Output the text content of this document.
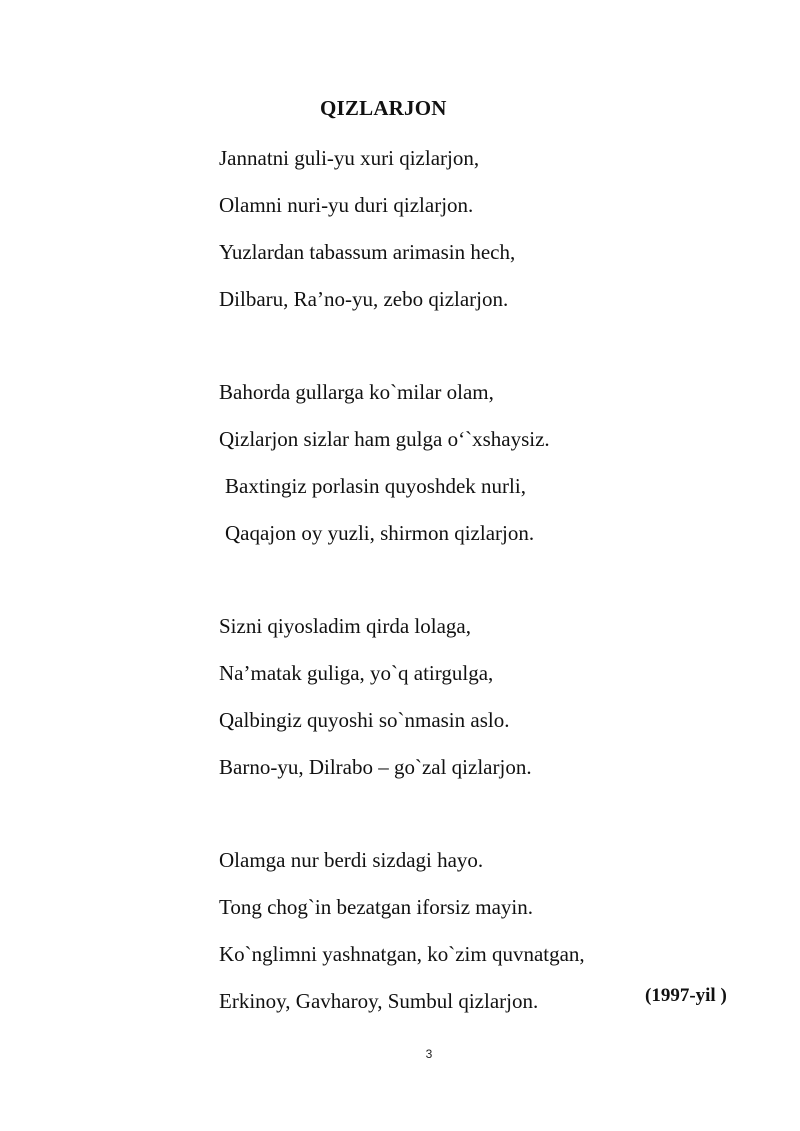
QIZLARJON
Jannatni guli-yu xuri qizlarjon,
Olamni nuri-yu duri qizlarjon.
Yuzlardan tabassum arimasin hech,
Dilbaru, Ra’no-yu, zebo qizlarjon.
Bahorda gullarga ko`milar olam,
Qizlarjon sizlar ham gulga o‘`xshaysiz.
Baxtingiz porlasin quyoshdek nurli,
Qaqajon oy yuzli, shirmon qizlarjon.
Sizni qiyosladim qirda lolaga,
Na’matak guliga, yo`q atirgulga,
Qalbingiz quyoshi so`nmasin aslo.
Barno-yu, Dilrabo – go`zal qizlarjon.
Olamga nur berdi sizdagi hayo.
Tong chog`in bezatgan iforsiz mayin.
Ko`nglimni yashnatgan, ko`zim quvnatgan,
Erkinoy, Gavharoy, Sumbul qizlarjon.	(1997-yil )
3
